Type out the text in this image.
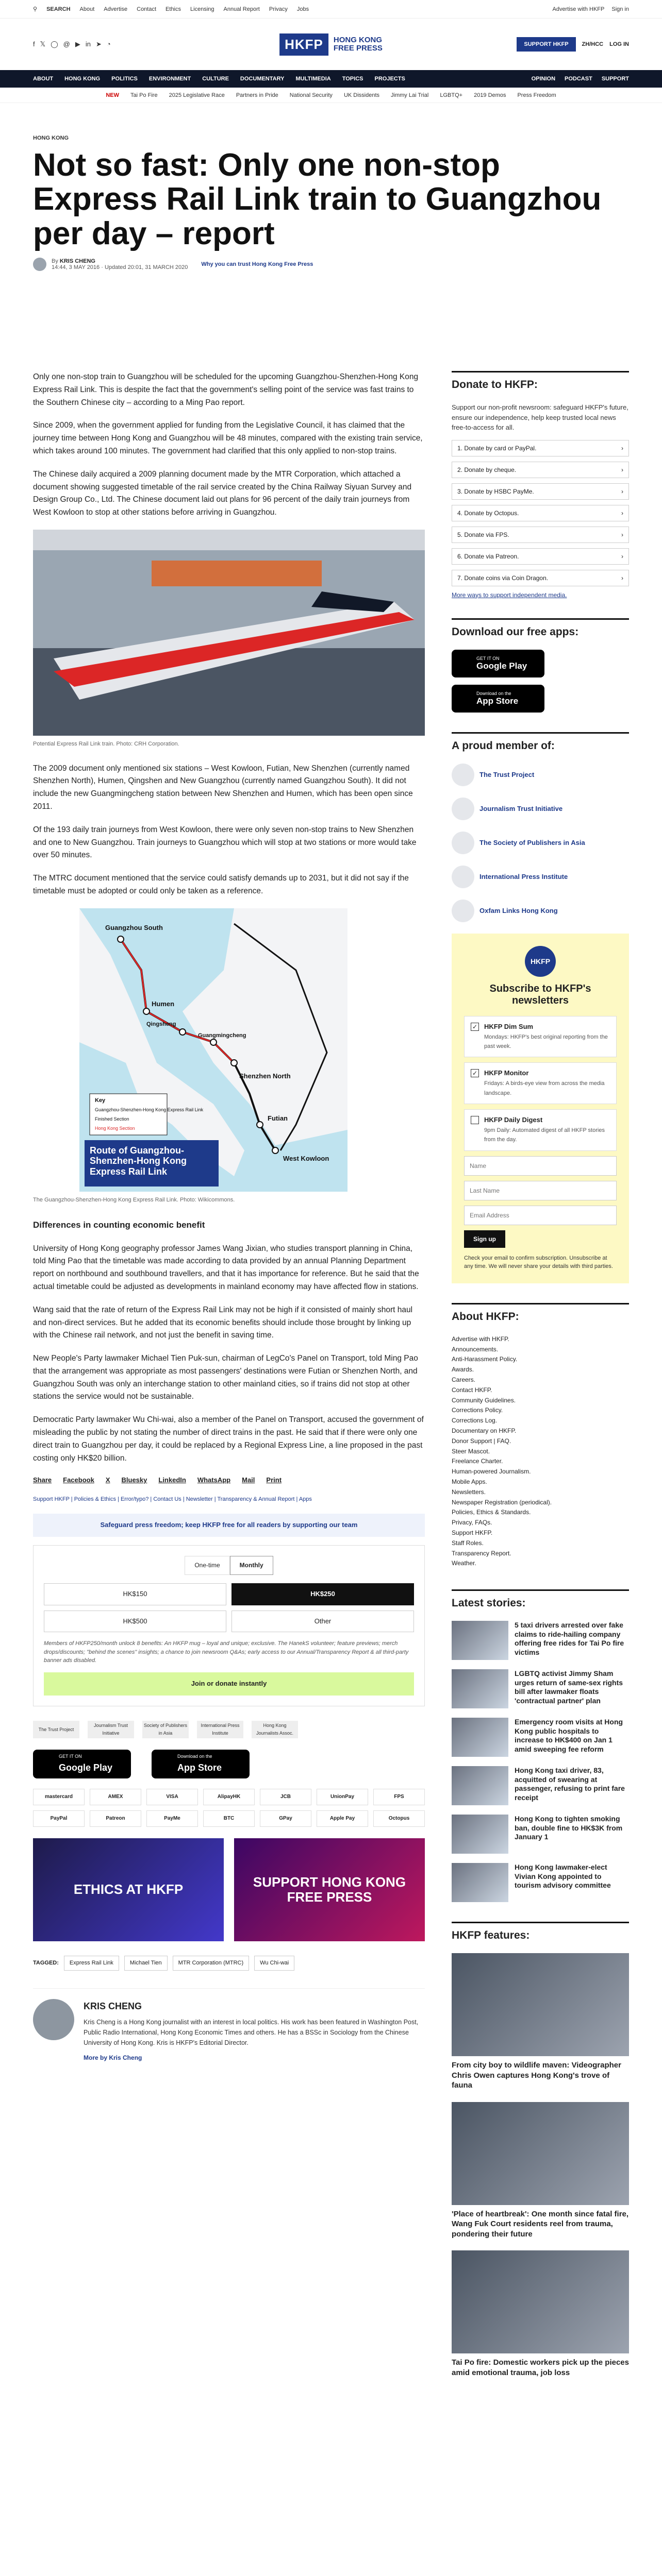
⚲ SEARCH About Advertise Contact Ethics Licensing Annual Report Privacy Jobs	Advertise with HKFP Sign in
f 𝕏 ◯ @ ▶ in ➤ ◔	HKFP	HONG KONG
FREE PRESS	SUPPORT HKFP	ZH/HCC LOG IN
ABOUT HONG KONG POLITICS ENVIRONMENT CULTURE DOCUMENTARY MULTIMEDIA TOPICS PROJECTS	OPINION PODCAST SUPPORT
NEW Tai Po Fire 2025 Legislative Race Partners in Pride National Security UK Dissidents Jimmy Lai Trial LGBTQ+ 2019 Demos Press Freedom
HONG KONG
Not so fast: Only one non-stop Express Rail Link train to Guangzhou per day – report
By KRIS CHENG
14:44, 3 MAY 2016 · Updated 20:01, 31 MARCH 2020 Why you can trust Hong Kong Free Press

Only one non-stop train to Guangzhou will be scheduled for the upcoming Guangzhou-Shenzhen-Hong Kong Express Rail Link. This is despite the fact that the government's selling point of the service was fast trains to the Southern Chinese city – according to a Ming Pao report.

Since 2009, when the government applied for funding from the Legislative Council, it has claimed that the journey time between Hong Kong and Guangzhou will be 48 minutes, compared with the existing train service, which takes around 100 minutes. The government had clarified that this only applied to non-stop trains.

The Chinese daily acquired a 2009 planning document made by the MTR Corporation, which attached a document showing suggested timetable of the rail service created by the China Railway Siyuan Survey and Design Group Co., Ltd. The Chinese document laid out plans for 96 percent of the daily train journeys from West Kowloon to stop at other stations before arriving in Guangzhou.

Potential Express Rail Link train. Photo: CRH Corporation.

The 2009 document only mentioned six stations – West Kowloon, Futian, New Shenzhen (currently named Shenzhen North), Humen, Qingshen and New Guangzhou (currently named Guangzhou South). It did not include the new Guangmingcheng station between New Shenzhen and Humen, which has been open since 2011.

Of the 193 daily train journeys from West Kowloon, there were only seven non-stop trains to New Shenzhen and one to New Guangzhou. Train journeys to Guangzhou which will stop at two stations or more would take over 50 minutes.

The MTRC document mentioned that the service could satisfy demands up to 2031, but it did not say if the timetable must be adopted or could only be taken as a reference.

Guangzhou South
Humen
Qingsheng
Guangmingcheng
Shenzhen North
Futian
West Kowloon
Key
Guangzhou-Shenzhen-Hong Kong Express Rail Link
Finished Section
Hong Kong Section
Route of Guangzhou-Shenzhen-Hong Kong Express Rail Link
The Guangzhou-Shenzhen-Hong Kong Express Rail Link. Photo: Wikicommons.
Differences in counting economic benefit

University of Hong Kong geography professor James Wang Jixian, who studies transport planning in China, told Ming Pao that the timetable was made according to data provided by an annual Planning Department report on northbound and southbound travellers, and that it has importance for reference. But he said that the actual timetable could be adjusted as developments in mainland economy may have affected flow in stations.

Wang said that the rate of return of the Express Rail Link may not be high if it consisted of mainly short haul and non-direct services. But he added that its economic benefits should include those brought by linking up with the Chinese rail network, and not just the benefit in saving time.

New People's Party lawmaker Michael Tien Puk-sun, chairman of LegCo's Panel on Transport, told Ming Pao that the arrangement was appropriate as most passengers' destinations were Futian or Shenzhen North, and Guangzhou South was only an interchange station to other mainland cities, so if trains did not stop at other stations the service would not be sustainable.

Democratic Party lawmaker Wu Chi-wai, also a member of the Panel on Transport, accused the government of misleading the public by not stating the number of direct trains in the past. He said that if there were only one direct train to Guangzhou per day, it could be replaced by a Regional Express Line, a line proposed in the past costing only HK$20 billion.

Share Facebook X Bluesky LinkedIn WhatsApp Mail Print
Support HKFP | Policies & Ethics | Error/typo? | Contact Us | Newsletter | Transparency & Annual Report | Apps
Safeguard press freedom; keep HKFP free for all readers by supporting our team
One-time	Monthly
HK$150	HK$250
HK$500	Other
Members of HKFP250/month unlock 8 benefits: An HKFP mug – loyal and unique; exclusive. The HanekS volunteer; feature previews; merch drops/discounts; "behind the scenes" insights; a chance to join newsroom Q&As; early access to our Annual/Transparency Report & all third-party banner ads disabled.
Join or donate instantly
The Trust Project
Journalism Trust Initiative
Society of Publishers in Asia
International Press Institute
Hong Kong Journalists Assoc.
GET IT ON
Google Play
Download on the
App Store
mastercard	AMEX	VISA	AlipayHK	JCB	UnionPay	FPS
PayPal	Patreon	PayMe	BTC	GPay	Apple Pay	Octopus
ETHICS AT HKFP	SUPPORT HONG KONG FREE PRESS
TAGGED:	Express Rail Link	Michael Tien	MTR Corporation (MTRC)	Wu Chi-wai
KRIS CHENG
Kris Cheng is a Hong Kong journalist with an interest in local politics. His work has been featured in Washington Post, Public Radio International, Hong Kong Economic Times and others. He has a BSSc in Sociology from the Chinese University of Hong Kong. Kris is HKFP's Editorial Director.
More by Kris Cheng
Donate to HKFP:
Support our non-profit newsroom: safeguard HKFP's future, ensure our independence, help keep trusted local news free-to-access for all.
1. Donate by card or PayPal.	›
2. Donate by cheque.	›
3. Donate by HSBC PayMe.	›
4. Donate by Octopus.	›
5. Donate via FPS.	›
6. Donate via Patreon.	›
7. Donate coins via Coin Dragon.	›
More ways to support independent media.
Download our free apps:
GET IT ON
Google Play
Download on the
App Store
A proud member of:
The Trust Project
Journalism Trust Initiative
The Society of Publishers in Asia
International Press Institute
Oxfam Links Hong Kong
HKFP
Subscribe to HKFP's newsletters
✓ HKFP Dim Sum
Mondays: HKFP's best original reporting from the past week.
✓ HKFP Monitor
Fridays: A birds-eye view from across the media landscape.
HKFP Daily Digest
9pm Daily: Automated digest of all HKFP stories from the day.
Name Last Name Email Address Sign up
Check your email to confirm subscription. Unsubscribe at any time. We will never share your details with third parties.
About HKFP:
Advertise with HKFP.
Announcements.
Anti-Harassment Policy.
Awards.
Careers.
Contact HKFP.
Community Guidelines.
Corrections Policy.
Corrections Log.
Documentary on HKFP.
Donor Support | FAQ.
Steer Mascot.
Freelance Charter.
Human-powered Journalism.
Mobile Apps.
Newsletters.
Newspaper Registration (periodical).
Policies, Ethics & Standards.
Privacy, FAQs.
Support HKFP.
Staff Roles.
Transparency Report.
Weather.
Latest stories:
5 taxi drivers arrested over fake claims to ride-hailing company offering free rides for Tai Po fire victims
LGBTQ activist Jimmy Sham urges return of same-sex rights bill after lawmaker floats 'contractual partner' plan
Emergency room visits at Hong Kong public hospitals to increase to HK$400 on Jan 1 amid sweeping fee reform
Hong Kong taxi driver, 83, acquitted of swearing at passenger, refusing to print fare receipt
Hong Kong to tighten smoking ban, double fine to HK$3K from January 1
Hong Kong lawmaker-elect Vivian Kong appointed to tourism advisory committee
HKFP features:
From city boy to wildlife maven: Videographer Chris Owen captures Hong Kong's trove of fauna
'Place of heartbreak': One month since fatal fire, Wang Fuk Court residents reel from trauma, pondering their future
Tai Po fire: Domestic workers pick up the pieces amid emotional trauma, job loss
